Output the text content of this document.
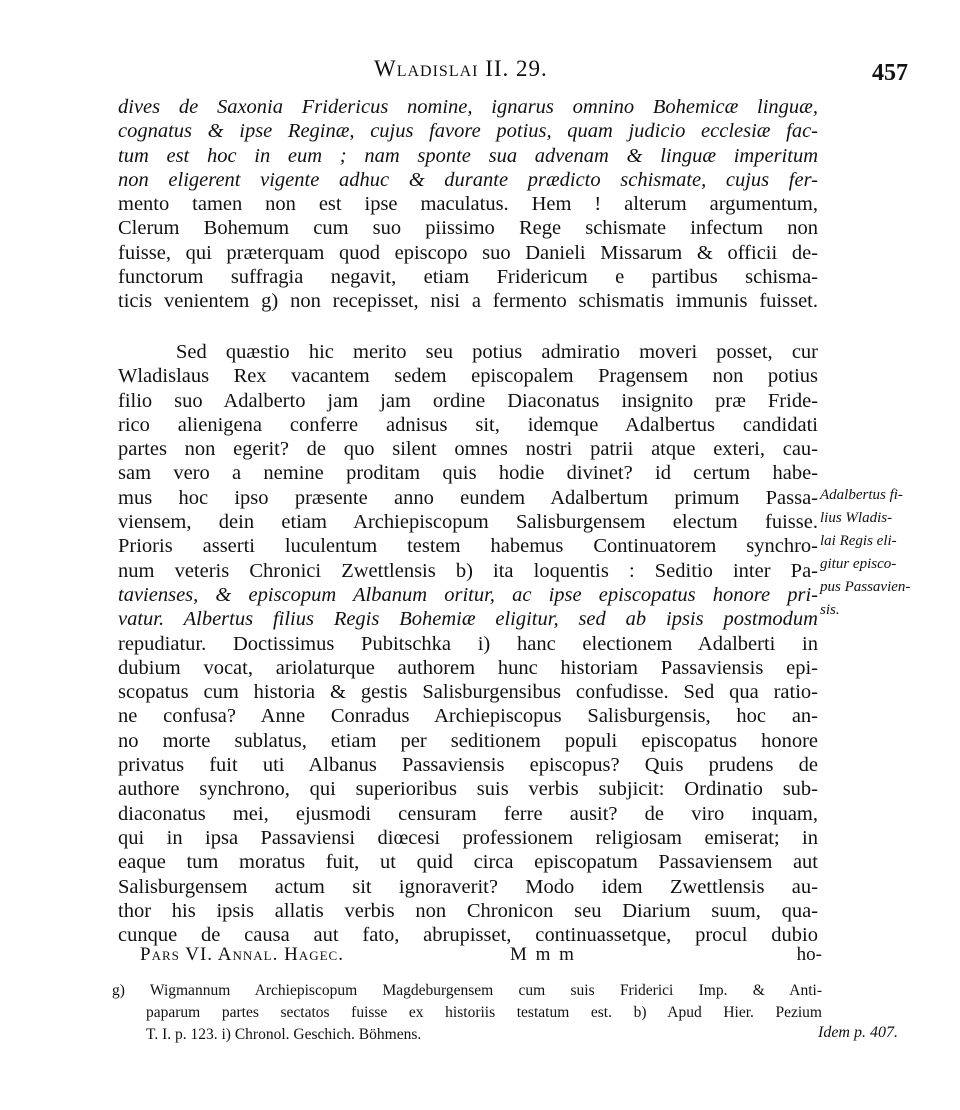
Wladislai II. 29.	457
dives de Saxonia Fridericus nomine, ignarus omnino Bohemicæ linguæ,
cognatus & ipse Reginæ, cujus favore potius, quam judicio ecclesiæ fac-
tum est hoc in eum ; nam sponte sua advenam & linguæ imperitum
non eligerent vigente adhuc & durante prædicto schismate, cujus fer-
mento tamen non est ipse maculatus. Hem ! alterum argumentum,
Clerum Bohemum cum suo piissimo Rege schismate infectum non
fuisse, qui præterquam quod episcopo suo Danieli Missarum & officii de-
functorum suffragia negavit, etiam Fridericum e partibus schisma-
ticis venientem g) non recepisset, nisi a fermento schismatis immunis fuisset.
Sed quæstio hic merito seu potius admiratio moveri posset, cur
Wladislaus Rex vacantem sedem episcopalem Pragensem non potius
filio suo Adalberto jam jam ordine Diaconatus insignito præ Fride-
rico alienigena conferre adnisus sit, idemque Adalbertus candidati
partes non egerit? de quo silent omnes nostri patrii atque exteri, cau-
sam vero a nemine proditam quis hodie divinet? id certum habe-
mus hoc ipso præsente anno eundem Adalbertum primum Passa-
viensem, dein etiam Archiepiscopum Salisburgensem electum fuisse.
Prioris asserti luculentum testem habemus Continuatorem synchro-
num veteris Chronici Zwettlensis b) ita loquentis : Seditio inter Pa-
tavienses, & episcopum Albanum oritur, ac ipse episcopatus honore pri-
vatur. Albertus filius Regis Bohemiæ eligitur, sed ab ipsis postmodum
repudiatur. Doctissimus Pubitschka i) hanc electionem Adalberti in
dubium vocat, ariolaturque authorem hunc historiam Passaviensis epi-
scopatus cum historia & gestis Salisburgensibus confudisse. Sed qua ratio-
ne confusa? Anne Conradus Archiepiscopus Salisburgensis, hoc an-
no morte sublatus, etiam per seditionem populi episcopatus honore
privatus fuit uti Albanus Passaviensis episcopus? Quis prudens de
authore synchrono, qui superioribus suis verbis subjicit: Ordinatio sub-
diaconatus mei, ejusmodi censuram ferre ausit? de viro inquam,
qui in ipsa Passaviensi diœcesi professionem religiosam emiserat; in
eaque tum moratus fuit, ut quid circa episcopatum Passaviensem aut
Salisburgensem actum sit ignoraverit? Modo idem Zwettlensis au-
thor his ipsis allatis verbis non Chronicon seu Diarium suum, qua-
cunque de causa aut fato, abrupisset, continuassetque, procul dubio
Adalbertus fi-
lius Wladis-
lai Regis eli-
gitur episco-
pus Passavien-
sis.
Pars VI. Annal. Hagec.	M m m	ho-
g) Wigmannum Archiepiscopum Magdeburgensem cum suis Friderici Imp. & Anti-
paparum partes sectatos fuisse ex historiis testatum est. b) Apud Hier. Pezium
T. I. p. 123. i) Chronol. Geschich. Böhmens.	Idem p. 407.
